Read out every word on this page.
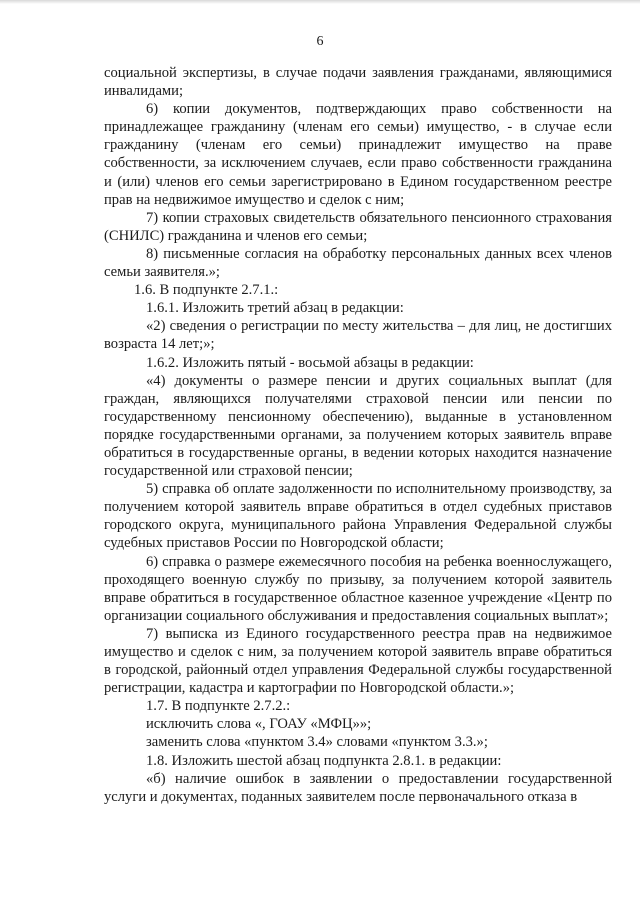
6

социальной экспертизы, в случае подачи заявления гражданами, являющимися инвалидами;

6) копии документов, подтверждающих право собственности на принадлежащее гражданину (членам его семьи) имущество, - в случае если гражданину (членам его семьи) принадлежит имущество на праве собственности, за исключением случаев, если право собственности гражданина и (или) членов его семьи зарегистрировано в Едином государственном реестре прав на недвижимое имущество и сделок с ним;

7) копии страховых свидетельств обязательного пенсионного страхования (СНИЛС) гражданина и членов его семьи;

8) письменные согласия на обработку персональных данных всех членов семьи заявителя.»;

1.6. В подпункте 2.7.1.:

1.6.1. Изложить третий абзац в редакции:

«2) сведения о регистрации по месту жительства – для лиц, не достигших возраста 14 лет;»;

1.6.2. Изложить пятый - восьмой абзацы в редакции:

«4) документы о размере пенсии и других социальных выплат (для граждан, являющихся получателями страховой пенсии или пенсии по государственному пенсионному обеспечению), выданные в установленном порядке государственными органами, за получением которых заявитель вправе обратиться в государственные органы, в ведении которых находится назначение государственной или страховой пенсии;

5) справка об оплате задолженности по исполнительному производству, за получением которой заявитель вправе обратиться в отдел судебных приставов городского округа, муниципального района Управления Федеральной службы судебных приставов России по Новгородской области;

6) справка о размере ежемесячного пособия на ребенка военнослужащего, проходящего военную службу по призыву, за получением которой заявитель вправе обратиться в государственное областное казенное учреждение «Центр по организации социального обслуживания и предоставления социальных выплат»;

7) выписка из Единого государственного реестра прав на недвижимое имущество и сделок с ним, за получением которой заявитель вправе обратиться в городской, районный отдел управления Федеральной службы государственной регистрации, кадастра и картографии по Новгородской области.»;

1.7. В подпункте 2.7.2.:

исключить слова «, ГОАУ «МФЦ»»;

заменить слова «пунктом 3.4» словами «пунктом 3.3.»;

1.8. Изложить шестой абзац подпункта 2.8.1. в редакции:

«б) наличие ошибок в заявлении о предоставлении государственной услуги и документах, поданных заявителем после первоначального отказа в
